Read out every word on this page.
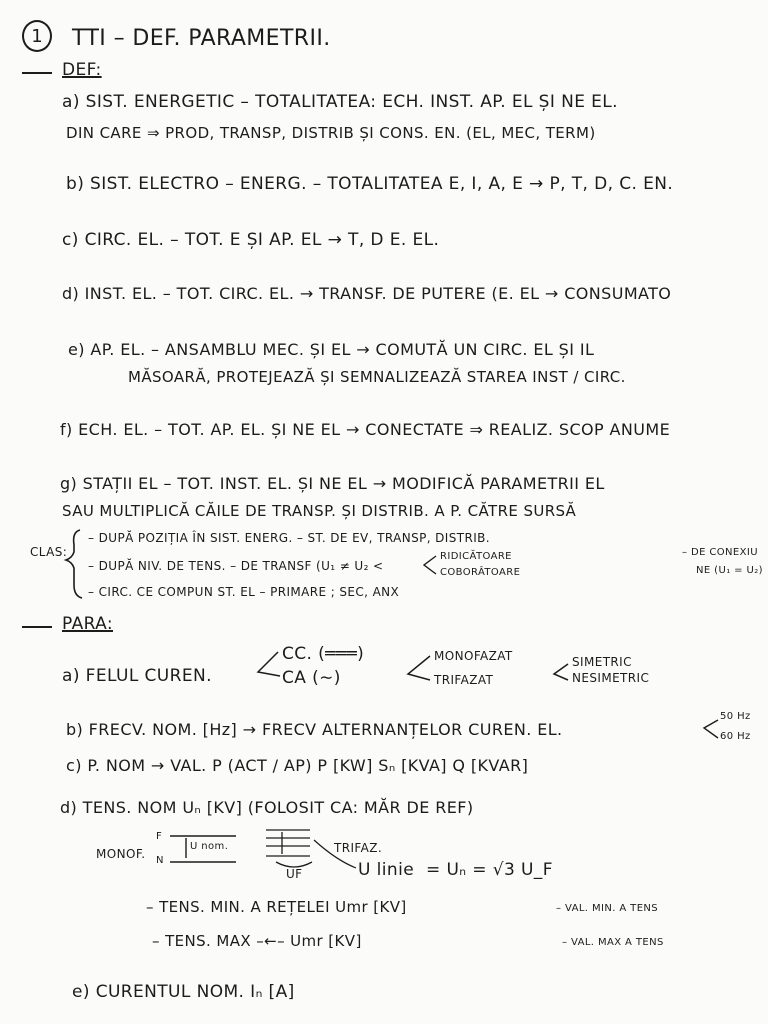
1 TTI – DEF. PARAMETRII.
DEF:
a) SIST. ENERGETIC – TOTALITATEA: ECH. INST. AP. EL ȘI NE EL.
DIN CARE ⇒ PROD, TRANSP, DISTRIB ȘI CONS. EN. (EL, MEC, TERM)
b) SIST. ELECTRO – ENERG. – TOTALITATEA E, I, A, E → P, T, D, C. EN.
c) CIRC. EL. – TOT. E ȘI AP. EL → T, D E. EL.
d) INST. EL. – TOT. CIRC. EL. → TRANSF. DE PUTERE (E. EL → CONSUMATO
e) AP. EL. – ANSAMBLU MEC. ȘI EL → COMUTĂ UN CIRC. EL ȘI IL
MĂSOARĂ, PROTEJEAZĂ ȘI SEMNALIZEAZĂ STAREA INST / CIRC.
f) ECH. EL. – TOT. AP. EL. ȘI NE EL → CONECTATE ⇒ REALIZ. SCOP ANUME
g) STAȚII EL – TOT. INST. EL. ȘI NE EL → MODIFICĂ PARAMETRII EL
SAU MULTIPLICĂ CĂILE DE TRANSP. ȘI DISTRIB. A P. CĂTRE SURSĂ
CLAS:
– DUPĂ POZIȚIA ÎN SIST. ENERG. – ST. DE EV, TRANSP, DISTRIB.
– DUPĂ NIV. DE TENS. – DE TRANSF (U₁ ≠ U₂ <
RIDICĂTOARE
COBORÂTOARE
– DE CONEXIU
NE (U₁ = U₂)
– CIRC. CE COMPUN ST. EL – PRIMARE ; SEC, ANX
PARA:
a) FELUL CUREN.
CC. (═══)
CA (∼)
MONOFAZAT
TRIFAZAT
SIMETRIC
NESIMETRIC
b) FRECV. NOM. [Hz] → FRECV ALTERNANȚELOR CUREN. EL.
50 Hz
60 Hz
c) P. NOM → VAL. P (ACT / AP) P [KW] Sₙ [KVA] Q [KVAR]
d) TENS. NOM Uₙ [KV] (FOLOSIT CA: MĂR DE REF)
MONOF.
F
N
U nom.	TRIFAZ.
UF	U linie = Uₙ = √3 U_F
– TENS. MIN. A REȚELEI Umr [KV]	– VAL. MIN. A TENS
– TENS. MAX –←– Umr [KV]	– VAL. MAX A TENS
e) CURENTUL NOM. Iₙ [A]
